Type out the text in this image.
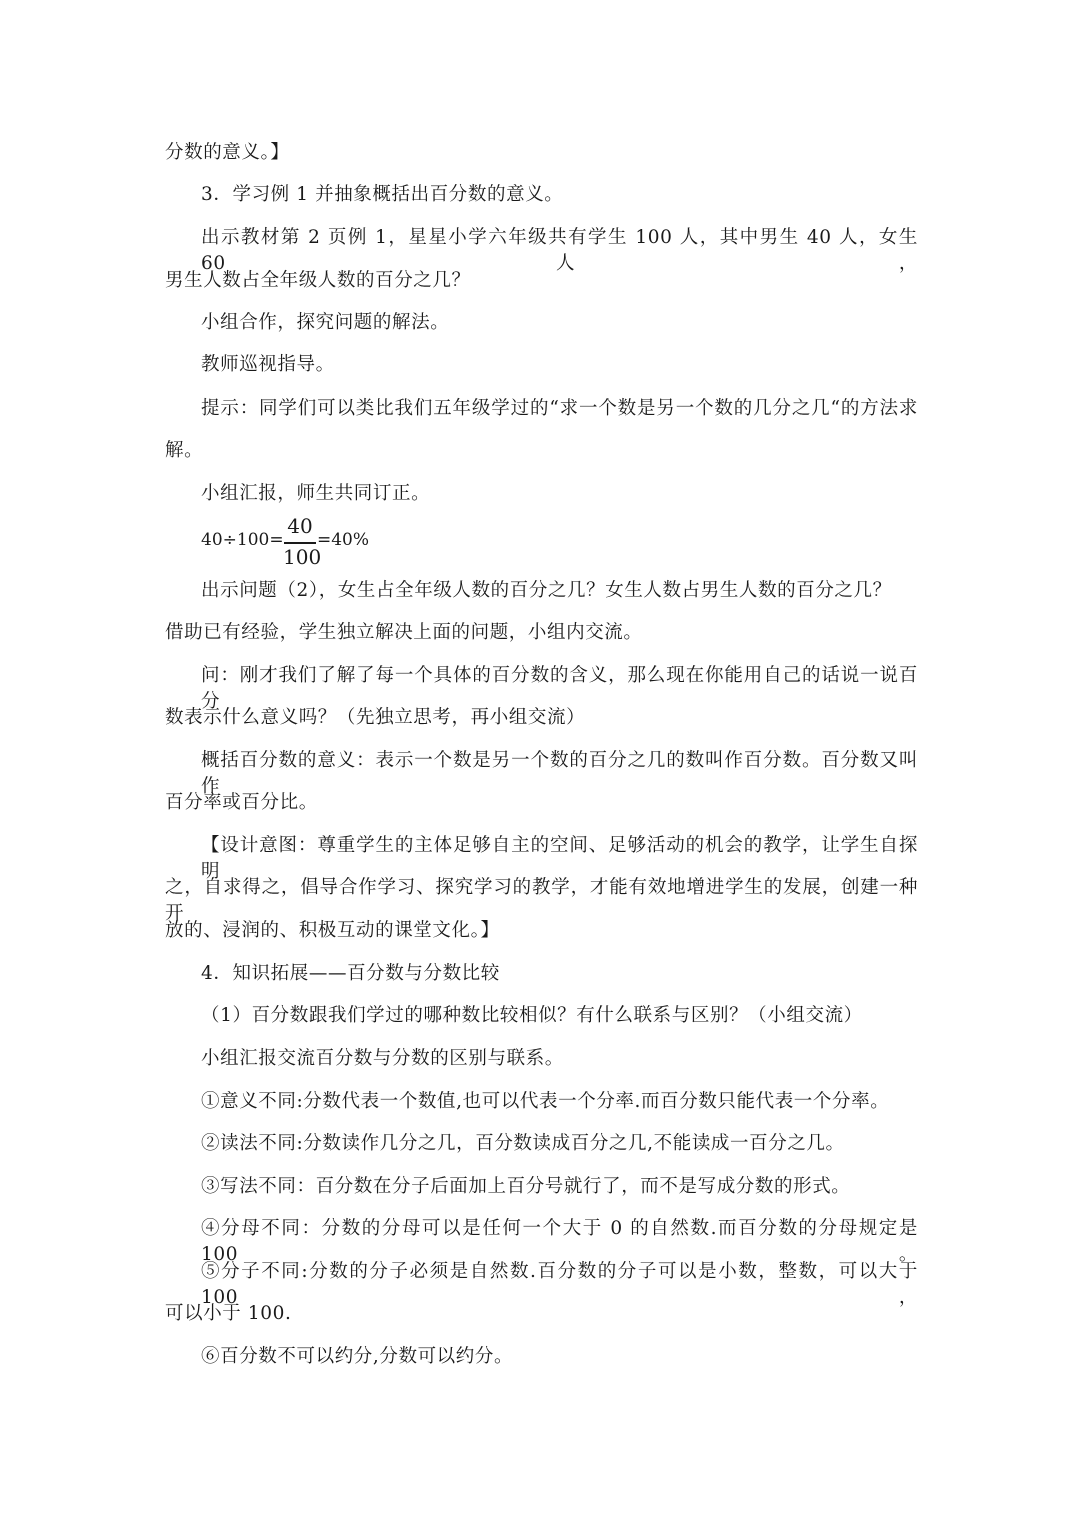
分数的意义。】
3．学习例 1 并抽象概括出百分数的意义。
出示教材第 2 页例 1，星星小学六年级共有学生 100 人，其中男生 40 人，女生 60 人，
男生人数占全年级人数的百分之几？
小组合作，探究问题的解法。
教师巡视指导。
提示：同学们可以类比我们五年级学过的“求一个数是另一个数的几分之几“的方法求
解。
小组汇报，师生共同订正。
40÷100=
40
100
=40%
出示问题（2），女生占全年级人数的百分之几？女生人数占男生人数的百分之几？
借助已有经验，学生独立解决上面的问题，小组内交流。
问：刚才我们了解了每一个具体的百分数的含义，那么现在你能用自己的话说一说百分
数表示什么意义吗？（先独立思考，再小组交流）
概括百分数的意义：表示一个数是另一个数的百分之几的数叫作百分数。百分数又叫作
百分率或百分比。
【设计意图：尊重学生的主体足够自主的空间、足够活动的机会的教学，让学生自探明
之，自求得之，倡导合作学习、探究学习的教学，才能有效地增进学生的发展，创建一种开
放的、浸润的、积极互动的课堂文化。】
4．知识拓展——百分数与分数比较
（1）百分数跟我们学过的哪种数比较相似？有什么联系与区别？（小组交流）
小组汇报交流百分数与分数的区别与联系。
①意义不同:分数代表一个数值,也可以代表一个分率.而百分数只能代表一个分率。
②读法不同:分数读作几分之几，百分数读成百分之几,不能读成一百分之几。
③写法不同：百分数在分子后面加上百分号就行了，而不是写成分数的形式。
④分母不同：分数的分母可以是任何一个大于 0 的自然数.而百分数的分母规定是 100。
⑤分子不同:分数的分子必须是自然数.百分数的分子可以是小数，整数，可以大于 100，
可以小于 100.
⑥百分数不可以约分,分数可以约分。
